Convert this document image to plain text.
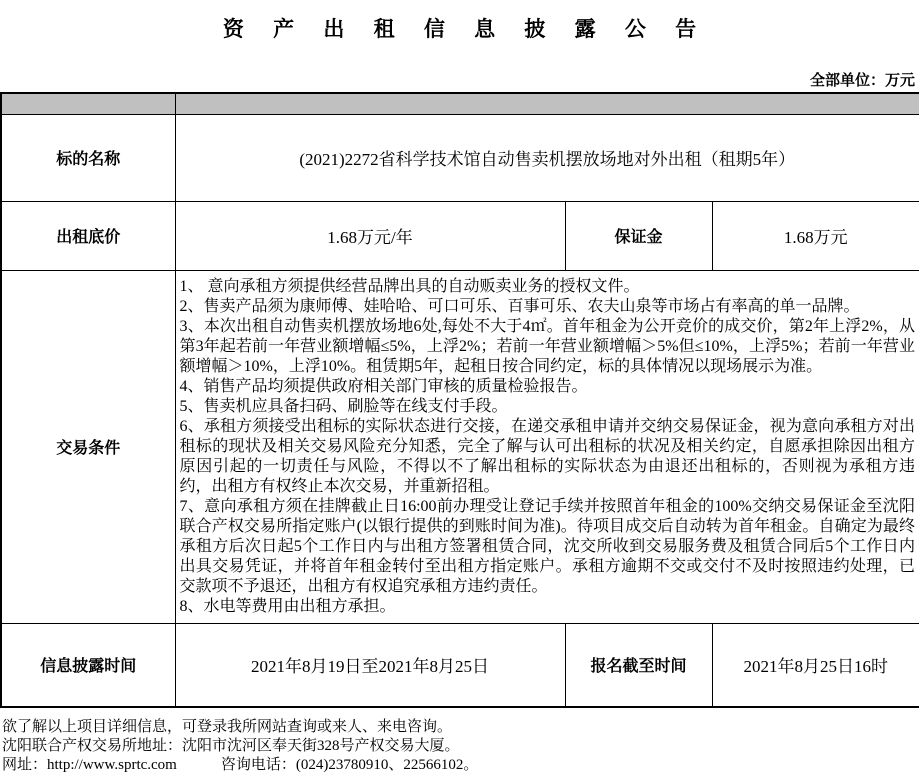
资 产 出 租 信 息 披 露 公 告
全部单位：万元

标的名称	(2021)2272省科学技术馆自动售卖机摆放场地对外出租（租期5年）		
出租底价	1.68万元/年	保证金	1.68万元
交易条件	
1、 意向承租方须提供经营品牌出具的自动贩卖业务的授权文件。
2、售卖产品须为康师傅、娃哈哈、可口可乐、百事可乐、农夫山泉等市场占有率高的单一品牌。
3、本次出租自动售卖机摆放场地6处,每处不大于4㎡。首年租金为公开竞价的成交价，第2年上浮2%，从第3年起若前一年营业额增幅≤5%，上浮2%；若前一年营业额增幅＞5%但≤10%，上浮5%；若前一年营业额增幅＞10%，上浮10%。租赁期5年，起租日按合同约定，标的具体情况以现场展示为准。
4、销售产品均须提供政府相关部门审核的质量检验报告。
5、售卖机应具备扫码、刷脸等在线支付手段。
6、承租方须接受出租标的实际状态进行交接，在递交承租申请并交纳交易保证金，视为意向承租方对出租标的现状及相关交易风险充分知悉，完全了解与认可出租标的状况及相关约定，自愿承担除因出租方原因引起的一切责任与风险，不得以不了解出租标的实际状态为由退还出租标的，否则视为承租方违约，出租方有权终止本次交易，并重新招租。
7、意向承租方须在挂牌截止日16:00前办理受让登记手续并按照首年租金的100%交纳交易保证金至沈阳联合产权交易所指定账户(以银行提供的到账时间为准)。待项目成交后自动转为首年租金。自确定为最终承租方后次日起5个工作日内与出租方签署租赁合同，沈交所收到交易服务费及租赁合同后5个工作日内出具交易凭证，并将首年租金转付至出租方指定账户。承租方逾期不交或交付不及时按照违约处理，已交款项不予退还，出租方有权追究承租方违约责任。
8、水电等费用由出租方承担。

信息披露时间	2021年8月19日至2021年8月25日	报名截至时间	2021年8月25日16时
欲了解以上项目详细信息，可登录我所网站查询或来人、来电咨询。
沈阳联合产权交易所地址：沈阳市沈河区奉天街328号产权交易大厦。
网址：http://www.sprtc.com	咨询电话：(024)23780910、22566102。
